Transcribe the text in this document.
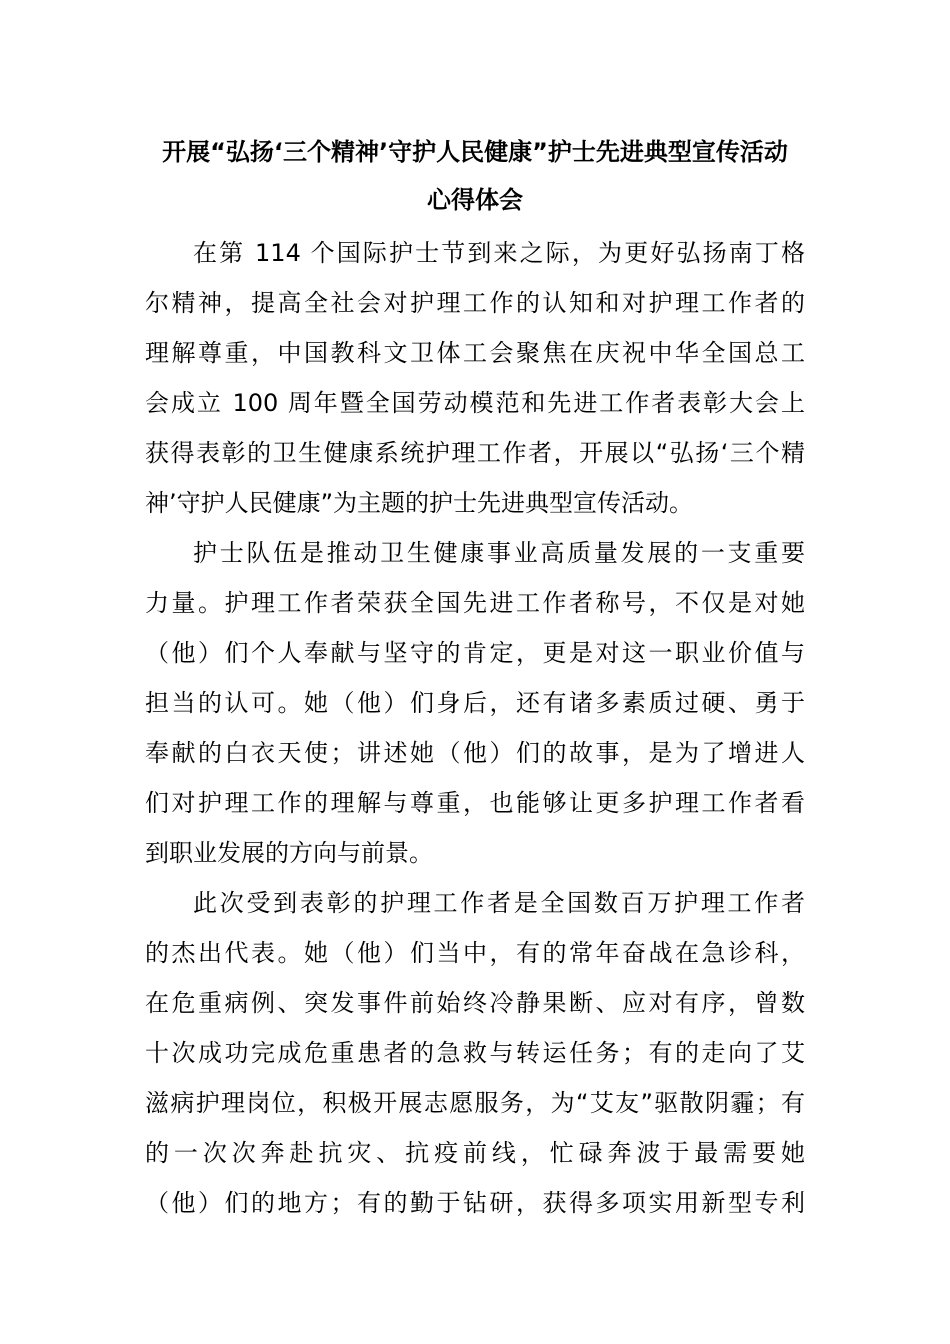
开展“弘扬‘三个精神’守护人民健康”护士先进典型宣传活动
心得体会
在第 114 个国际护士节到来之际，为更好弘扬南丁格
尔精神，提高全社会对护理工作的认知和对护理工作者的
理解尊重，中国教科文卫体工会聚焦在庆祝中华全国总工
会成立 100 周年暨全国劳动模范和先进工作者表彰大会上
获得表彰的卫生健康系统护理工作者，开展以“弘扬‘三个精
神’守护人民健康”为主题的护士先进典型宣传活动。
护士队伍是推动卫生健康事业高质量发展的一支重要
力量。护理工作者荣获全国先进工作者称号，不仅是对她
（他）们个人奉献与坚守的肯定，更是对这一职业价值与
担当的认可。她（他）们身后，还有诸多素质过硬、勇于
奉献的白衣天使；讲述她（他）们的故事，是为了增进人
们对护理工作的理解与尊重，也能够让更多护理工作者看
到职业发展的方向与前景。
此次受到表彰的护理工作者是全国数百万护理工作者
的杰出代表。她（他）们当中，有的常年奋战在急诊科，
在危重病例、突发事件前始终冷静果断、应对有序，曾数
十次成功完成危重患者的急救与转运任务；有的走向了艾
滋病护理岗位，积极开展志愿服务，为“艾友”驱散阴霾；有
的一次次奔赴抗灾、抗疫前线，忙碌奔波于最需要她
（他）们的地方；有的勤于钻研，获得多项实用新型专利
